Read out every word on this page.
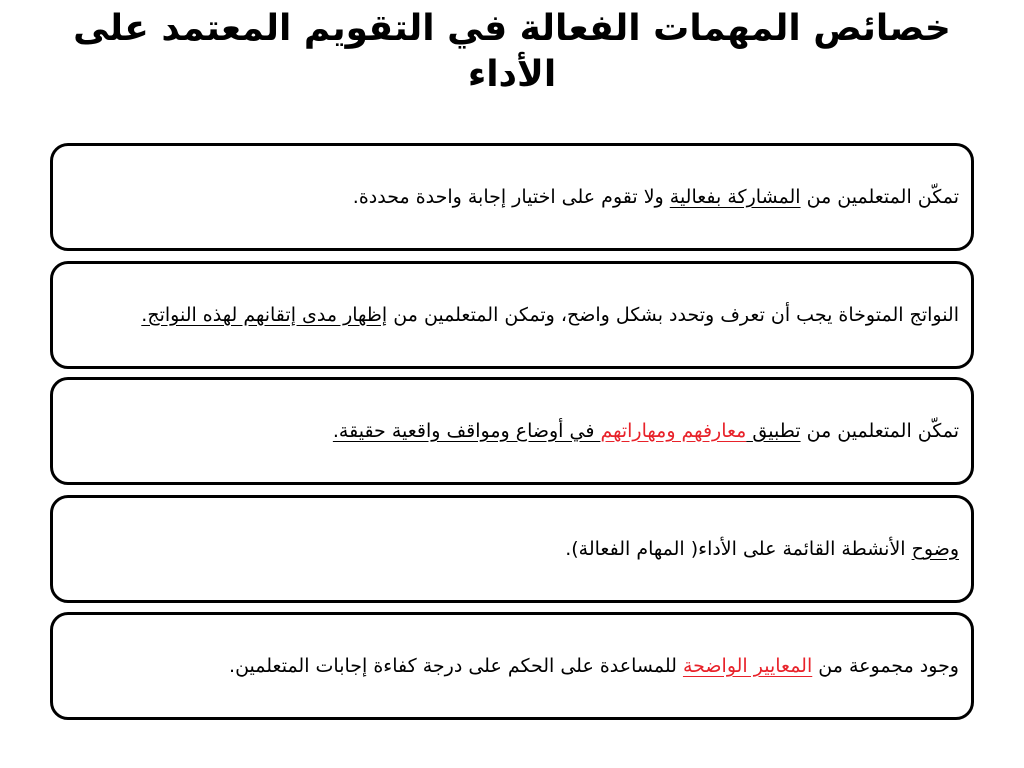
خصائص المهمات الفعالة في التقويم المعتمد على الأداء

تمكّن المتعلمين من المشاركة بفعالية ولا تقوم على اختيار إجابة واحدة محددة.

النواتج المتوخاة يجب أن تعرف وتحدد بشكل واضح، وتمكن المتعلمين من إظهار مدى إتقانهم لهذه النواتج.

تمكّن المتعلمين من تطبيق معارفهم ومهاراتهم في أوضاع ومواقف واقعية حقيقة.

وضوح الأنشطة القائمة على الأداء( المهام الفعالة).

وجود مجموعة من المعايير الواضحة للمساعدة على الحكم على درجة كفاءة إجابات المتعلمين.
